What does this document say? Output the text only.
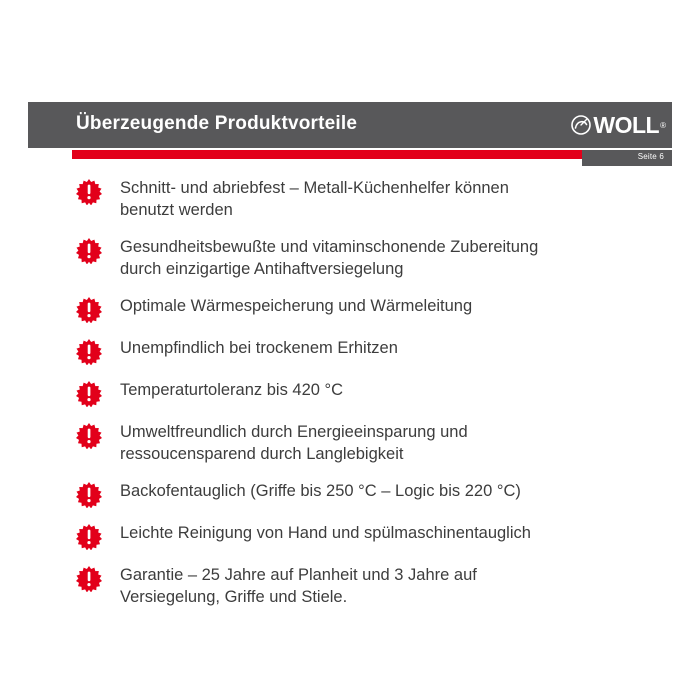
Überzeugende Produktvorteile	WOLL ®
Seite 6
Schnitt- und abriebfest – Metall-Küchenhelfer können
benutzt werden
Gesundheitsbewußte und vitaminschonende Zubereitung
durch einzigartige Antihaftversiegelung
Optimale Wärmespeicherung und Wärmeleitung
Unempfindlich bei trockenem Erhitzen
Temperaturtoleranz bis 420 °C
Umweltfreundlich durch Energieeinsparung und
ressoucensparend durch Langlebigkeit
Backofentauglich (Griffe bis 250 °C – Logic bis 220 °C)
Leichte Reinigung von Hand und spülmaschinentauglich
Garantie – 25 Jahre auf Planheit und 3 Jahre auf
Versiegelung, Griffe und Stiele.
